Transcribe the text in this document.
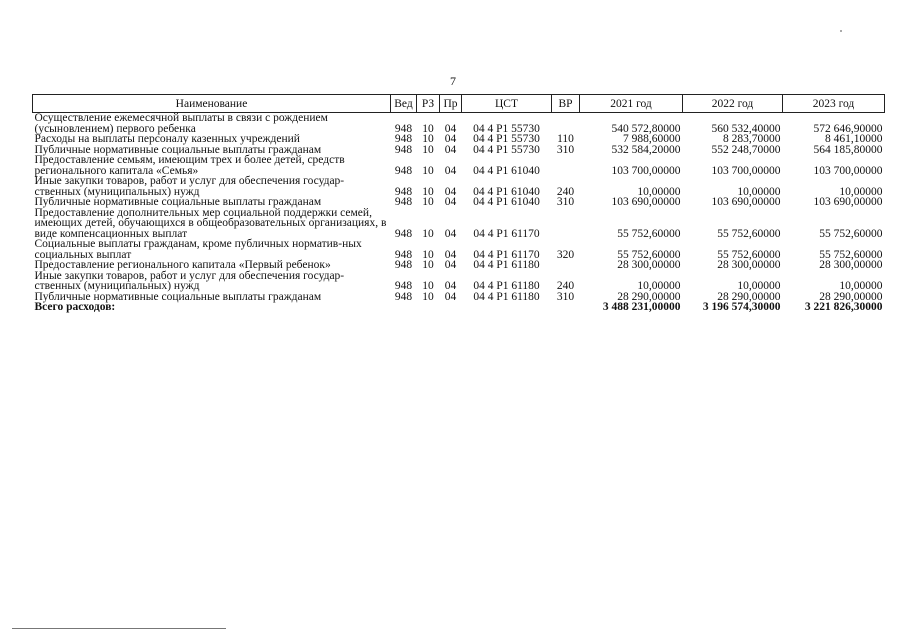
7
Наименование	Вед	РЗ	Пр	ЦСТ	ВР	2021 год	2022 год	2023 год
Осуществление ежемесячной выплаты в связи с рождением (усыновлением) первого ребенка	948	10	04	04 4 P1 55730		540 572,80000	560 532,40000	572 646,90000
Расходы на выплаты персоналу казенных учреждений	948	10	04	04 4 P1 55730	110	7 988,60000	8 283,70000	8 461,10000
Публичные нормативные социальные выплаты гражданам	948	10	04	04 4 P1 55730	310	532 584,20000	552 248,70000	564 185,80000
Предоставление семьям, имеющим трех и более детей, средств регионального капитала «Семья»	948	10	04	04 4 P1 61040		103 700,00000	103 700,00000	103 700,00000
Иные закупки товаров, работ и услуг для обеспечения государ-ственных (муниципальных) нужд	948	10	04	04 4 P1 61040	240	10,00000	10,00000	10,00000
Публичные нормативные социальные выплаты гражданам	948	10	04	04 4 P1 61040	310	103 690,00000	103 690,00000	103 690,00000
Предоставление дополнительных мер социальной поддержки семей, имеющих детей, обучающихся в общеобразовательных организациях, в виде компенсационных выплат	948	10	04	04 4 P1 61170		55 752,60000	55 752,60000	55 752,60000
Социальные выплаты гражданам, кроме публичных норматив-ных социальных выплат	948	10	04	04 4 P1 61170	320	55 752,60000	55 752,60000	55 752,60000
Предоставление регионального капитала «Первый ребенок»	948	10	04	04 4 P1 61180		28 300,00000	28 300,00000	28 300,00000
Иные закупки товаров, работ и услуг для обеспечения государ-ственных (муниципальных) нужд	948	10	04	04 4 P1 61180	240	10,00000	10,00000	10,00000
Публичные нормативные социальные выплаты гражданам	948	10	04	04 4 P1 61180	310	28 290,00000	28 290,00000	28 290,00000
Всего расходов:						3 488 231,00000	3 196 574,30000	3 221 826,30000
